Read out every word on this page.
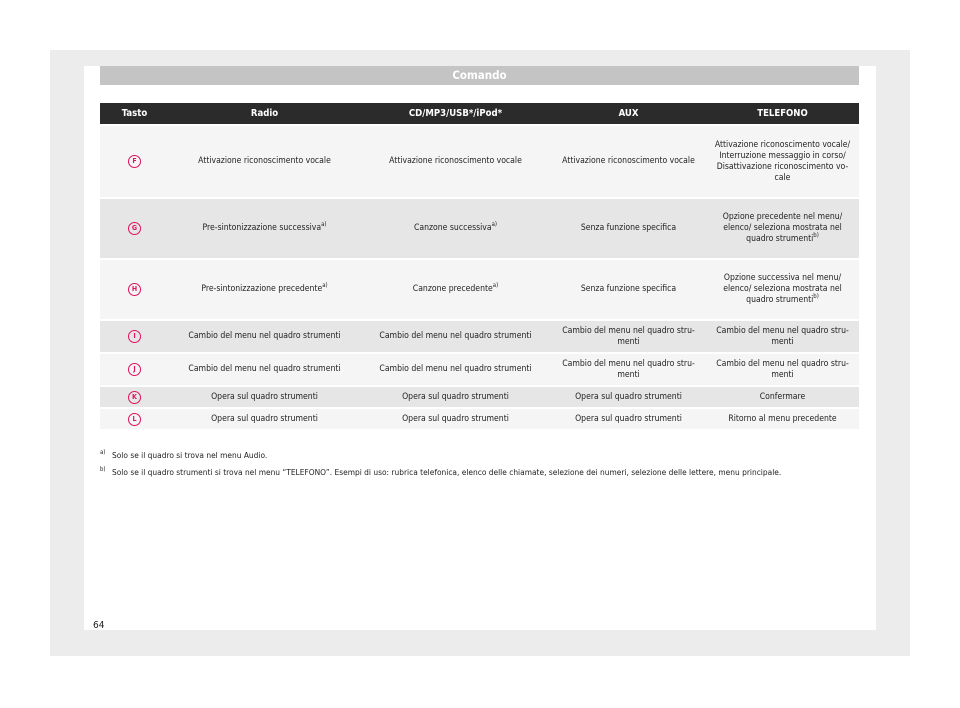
Comando
Tasto	Radio	CD/MP3/USB*/iPod*	AUX	TELEFONO
F	Attivazione riconoscimento vocale	Attivazione riconoscimento vocale	Attivazione riconoscimento vocale	Attivazione riconoscimento vocale/ Interruzione messaggio in corso/ Disattivazione riconoscimento vo- cale
G	Pre-sintonizzazione successiva$^{a)}$	Canzone successiva$^{a)}$	Senza funzione specifica	Opzione precedente nel menu/ elenco/ seleziona mostrata nel quadro strumenti$^{b)}$
H	Pre-sintonizzazione precedente$^{a)}$	Canzone precedente$^{a)}$	Senza funzione specifica	Opzione successiva nel menu/ elenco/ seleziona mostrata nel quadro strumenti$^{b)}$
I	Cambio del menu nel quadro strumenti	Cambio del menu nel quadro strumenti	Cambio del menu nel quadro stru- menti	Cambio del menu nel quadro stru- menti
J	Cambio del menu nel quadro strumenti	Cambio del menu nel quadro strumenti	Cambio del menu nel quadro stru- menti	Cambio del menu nel quadro stru- menti
K	Opera sul quadro strumenti	Opera sul quadro strumenti	Opera sul quadro strumenti	Confermare
L	Opera sul quadro strumenti	Opera sul quadro strumenti	Opera sul quadro strumenti	Ritorno al menu precedente
a) Solo se il quadro si trova nel menu Audio.
b) Solo se il quadro strumenti si trova nel menu “TELEFONO”. Esempi di uso: rubrica telefonica, elenco delle chiamate, selezione dei numeri, selezione delle lettere, menu principale.
64
